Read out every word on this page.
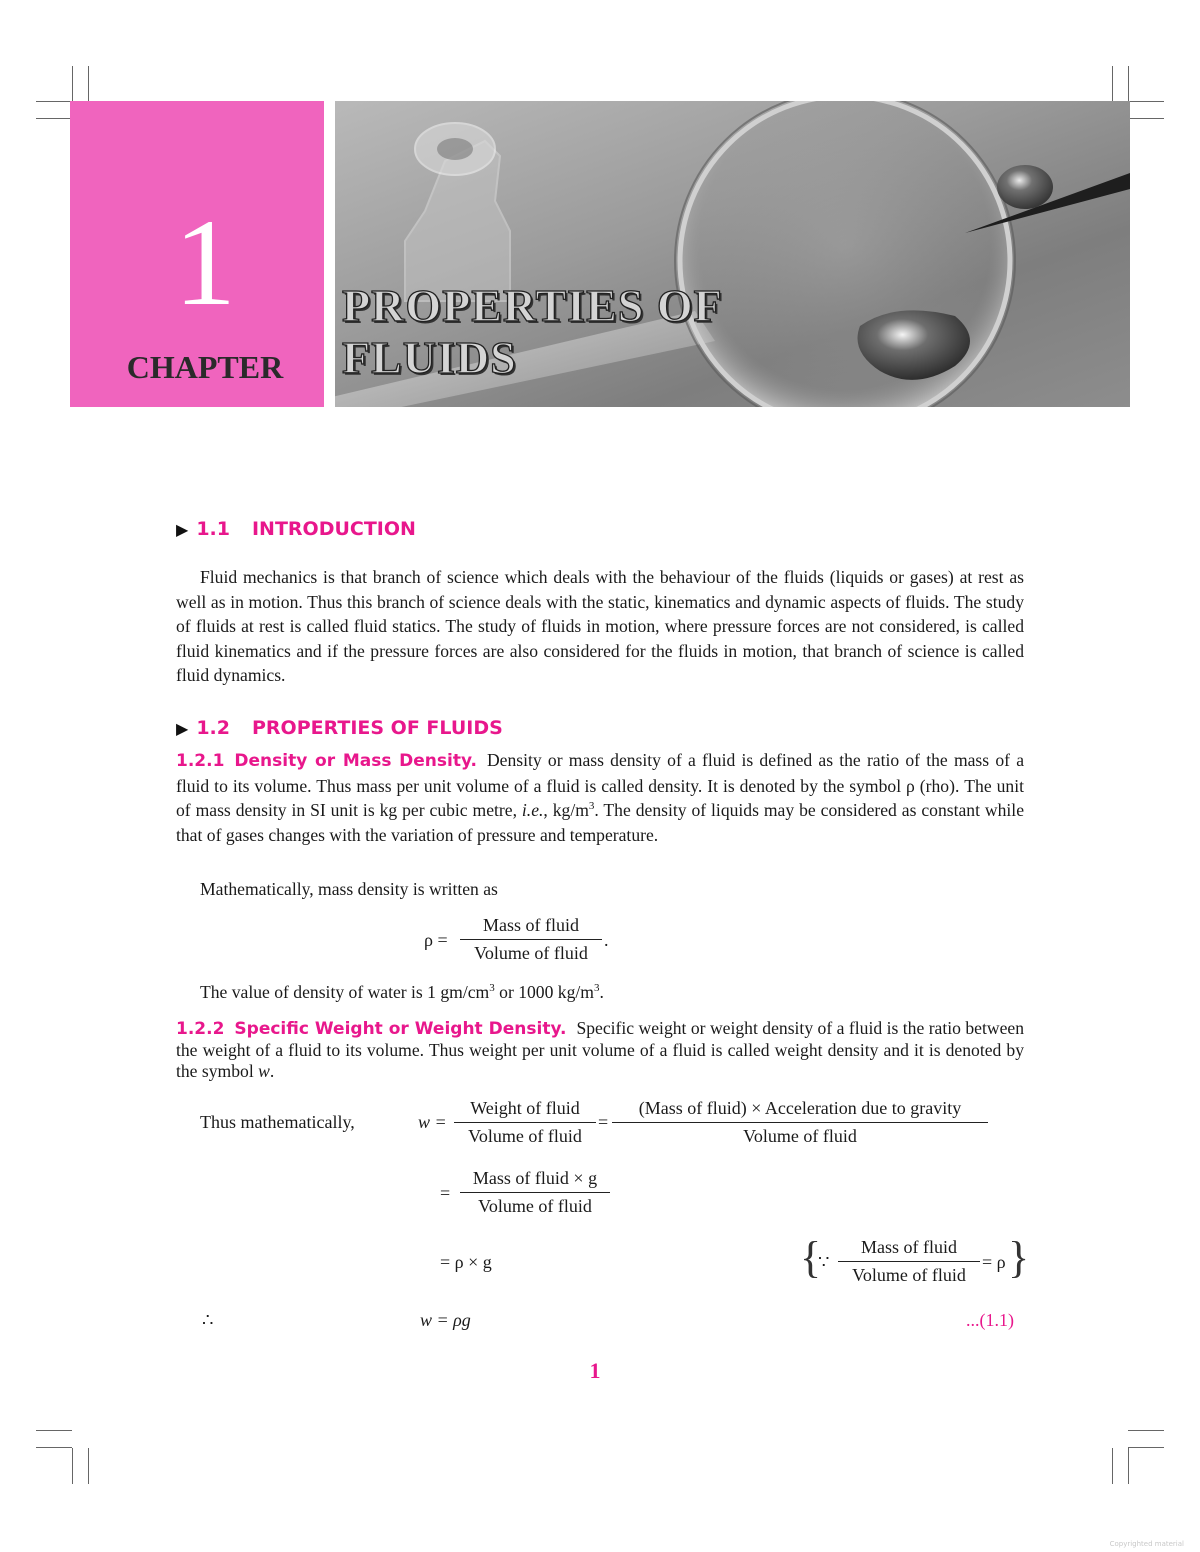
1
CHAPTER
PROPERTIES OF
FLUIDS
▶ 1.1 INTRODUCTION
Fluid mechanics is that branch of science which deals with the behaviour of the fluids (liquids or gases) at rest as well as in motion. Thus this branch of science deals with the static, kinematics and dynamic aspects of fluids. The study of fluids at rest is called fluid statics. The study of fluids in motion, where pressure forces are not considered, is called fluid kinematics and if the pressure forces are also considered for the fluids in motion, that branch of science is called fluid dynamics.
▶ 1.2 PROPERTIES OF FLUIDS
1.2.1 Density or Mass Density. Density or mass density of a fluid is defined as the ratio of the mass of a fluid to its volume. Thus mass per unit volume of a fluid is called density. It is denoted by the symbol ρ (rho). The unit of mass density in SI unit is kg per cubic metre, i.e., $kg/m^3$. The density of liquids may be considered as constant while that of gases changes with the variation of pressure and temperature.
Mathematically, mass density is written as
ρ =
Mass of fluid
Volume of fluid
.
The value of density of water is 1 $gm/cm^3$ or 1000 $kg/m^3$.
1.2.2 Specific Weight or Weight Density. Specific weight or weight density of a fluid is the ratio between the weight of a fluid to its volume. Thus weight per unit volume of a fluid is called weight density and it is denoted by the symbol w.
Thus mathematically,	w =
Weight of fluid
Volume of fluid
=
(Mass of fluid) × Acceleration due to gravity
Volume of fluid
=
Mass of fluid × g
Volume of fluid
= ρ × g	{
∵
Mass of fluid
Volume of fluid
= ρ }
∴	w = ρg	...(1.1)
1
Copyrighted material
